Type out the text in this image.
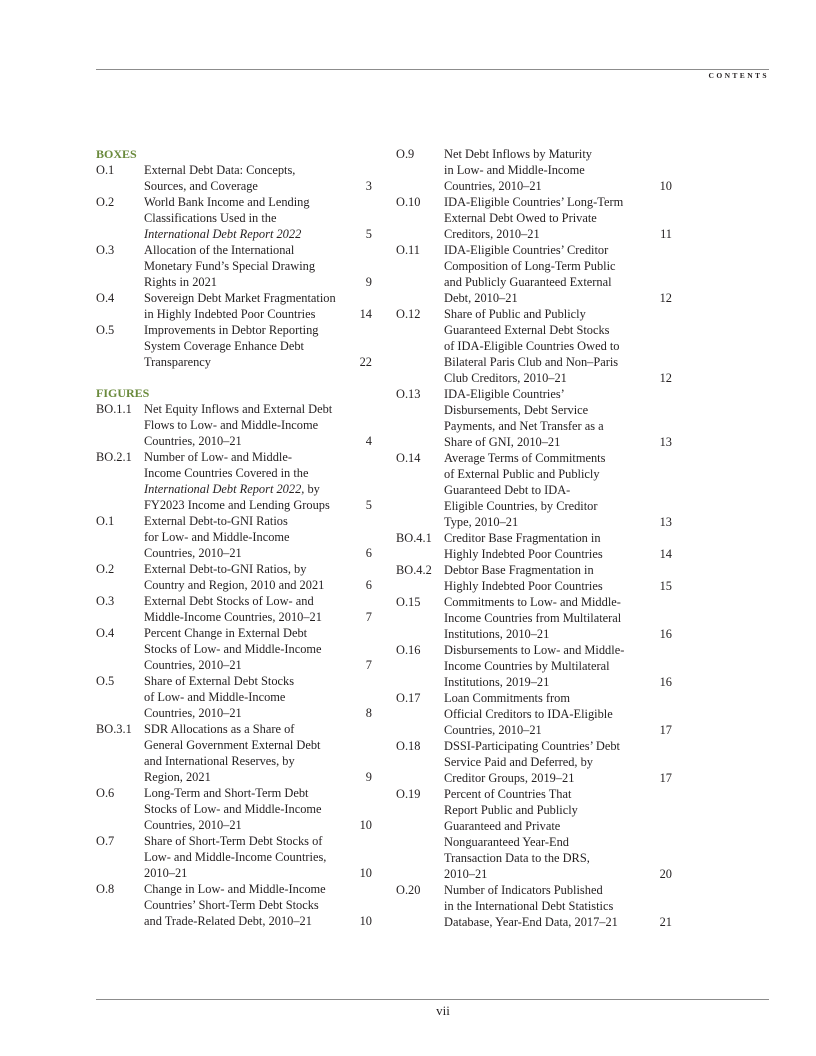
CONTENTS
BOXES
O.1 External Debt Data: Concepts,
Sources, and Coverage	3
O.2 World Bank Income and Lending
Classifications Used in the
International Debt Report 2022	5
O.3 Allocation of the International
Monetary Fund’s Special Drawing
Rights in 2021	9
O.4 Sovereign Debt Market Fragmentation
in Highly Indebted Poor Countries	14
O.5 Improvements in Debtor Reporting
System Coverage Enhance Debt
Transparency	22
FIGURES
BO.1.1 Net Equity Inflows and External Debt
Flows to Low- and Middle-Income
Countries, 2010–21	4
BO.2.1 Number of Low- and Middle-
Income Countries Covered in the
International Debt Report 2022, by
FY2023 Income and Lending Groups	5
O.1 External Debt-to-GNI Ratios
for Low- and Middle-Income
Countries, 2010–21	6
O.2 External Debt-to-GNI Ratios, by
Country and Region, 2010 and 2021	6
O.3 External Debt Stocks of Low- and
Middle-Income Countries, 2010–21	7
O.4 Percent Change in External Debt
Stocks of Low- and Middle-Income
Countries, 2010–21	7
O.5 Share of External Debt Stocks
of Low- and Middle-Income
Countries, 2010–21	8
BO.3.1 SDR Allocations as a Share of
General Government External Debt
and International Reserves, by
Region, 2021	9
O.6 Long-Term and Short-Term Debt
Stocks of Low- and Middle-Income
Countries, 2010–21	10
O.7 Share of Short-Term Debt Stocks of
Low- and Middle-Income Countries,
2010–21	10
O.8 Change in Low- and Middle-Income
Countries’ Short-Term Debt Stocks
and Trade-Related Debt, 2010–21	10
O.9 Net Debt Inflows by Maturity
in Low- and Middle-Income
Countries, 2010–21	10
O.10 IDA-Eligible Countries’ Long-Term
External Debt Owed to Private
Creditors, 2010–21	11
O.11 IDA-Eligible Countries’ Creditor
Composition of Long-Term Public
and Publicly Guaranteed External
Debt, 2010–21	12
O.12 Share of Public and Publicly
Guaranteed External Debt Stocks
of IDA-Eligible Countries Owed to
Bilateral Paris Club and Non–Paris
Club Creditors, 2010–21	12
O.13 IDA-Eligible Countries’
Disbursements, Debt Service
Payments, and Net Transfer as a
Share of GNI, 2010–21	13
O.14 Average Terms of Commitments
of External Public and Publicly
Guaranteed Debt to IDA-
Eligible Countries, by Creditor
Type, 2010–21	13
BO.4.1 Creditor Base Fragmentation in
Highly Indebted Poor Countries	14
BO.4.2 Debtor Base Fragmentation in
Highly Indebted Poor Countries	15
O.15 Commitments to Low- and Middle-
Income Countries from Multilateral
Institutions, 2010–21	16
O.16 Disbursements to Low- and Middle-
Income Countries by Multilateral
Institutions, 2019–21	16
O.17 Loan Commitments from
Official Creditors to IDA-Eligible
Countries, 2010–21	17
O.18 DSSI-Participating Countries’ Debt
Service Paid and Deferred, by
Creditor Groups, 2019–21	17
O.19 Percent of Countries That
Report Public and Publicly
Guaranteed and Private
Nonguaranteed Year-End
Transaction Data to the DRS,
2010–21	20
O.20 Number of Indicators Published
in the International Debt Statistics
Database, Year-End Data, 2017–21	21
vii
